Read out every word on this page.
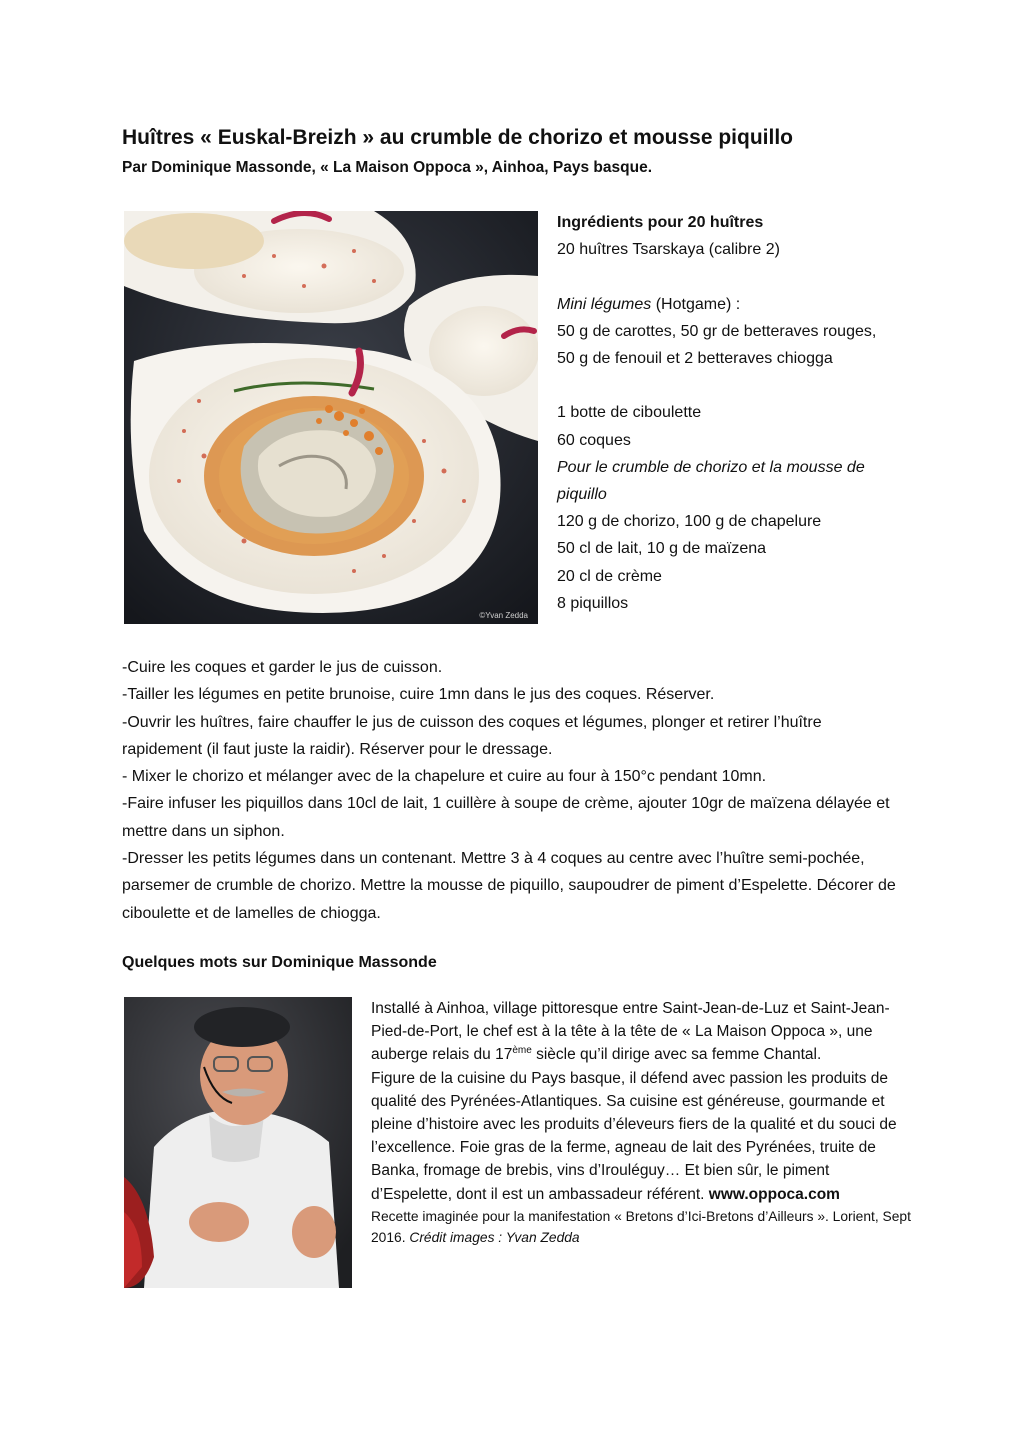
Huîtres « Euskal-Breizh » au crumble de chorizo et mousse piquillo
Par Dominique Massonde, « La Maison Oppoca », Ainhoa, Pays basque.
©Yvan Zedda
Ingrédients pour 20 huîtres
20 huîtres Tsarskaya (calibre 2)
Mini légumes (Hotgame) :
50 g de carottes, 50 gr de betteraves rouges,
50 g de fenouil et 2 betteraves chiogga
1 botte de ciboulette
60 coques
Pour le crumble de chorizo et la mousse de
piquillo
120 g de chorizo, 100 g de chapelure
50 cl de lait, 10 g de maïzena
20 cl de crème
8 piquillos

-Cuire les coques et garder le jus de cuisson.

-Tailler les légumes en petite brunoise, cuire 1mn dans le jus des coques. Réserver.

-Ouvrir les huîtres, faire chauffer le jus de cuisson des coques et légumes, plonger et retirer l’huître rapidement (il faut juste la raidir). Réserver pour le dressage.

- Mixer le chorizo et mélanger avec de la chapelure et cuire au four à 150°c pendant 10mn.

-Faire infuser les piquillos dans 10cl de lait, 1 cuillère à soupe de crème, ajouter 10gr de maïzena délayée et mettre dans un siphon.

-Dresser les petits légumes dans un contenant. Mettre 3 à 4 coques au centre avec l’huître semi-pochée, parsemer de crumble de chorizo. Mettre la mousse de piquillo, saupoudrer de piment d’Espelette. Décorer de ciboulette et de lamelles de chiogga.

Quelques mots sur Dominique Massonde

Installé à Ainhoa, village pittoresque entre Saint-Jean-de-Luz et Saint-Jean-Pied-de-Port, le chef est à la tête à la tête de « La Maison Oppoca », une auberge relais du 17ème siècle qu’il dirige avec sa femme Chantal.

Figure de la cuisine du Pays basque, il défend avec passion les produits de qualité des Pyrénées-Atlantiques. Sa cuisine est généreuse, gourmande et pleine d’histoire avec les produits d’éleveurs fiers de la qualité et du souci de l’excellence. Foie gras de la ferme, agneau de lait des Pyrénées, truite de Banka, fromage de brebis, vins d’Irouléguy… Et bien sûr, le piment d’Espelette, dont il est un ambassadeur référent. www.oppoca.com

Recette imaginée pour la manifestation « Bretons d’Ici-Bretons d’Ailleurs ». Lorient, Sept 2016. Crédit images : Yvan Zedda
